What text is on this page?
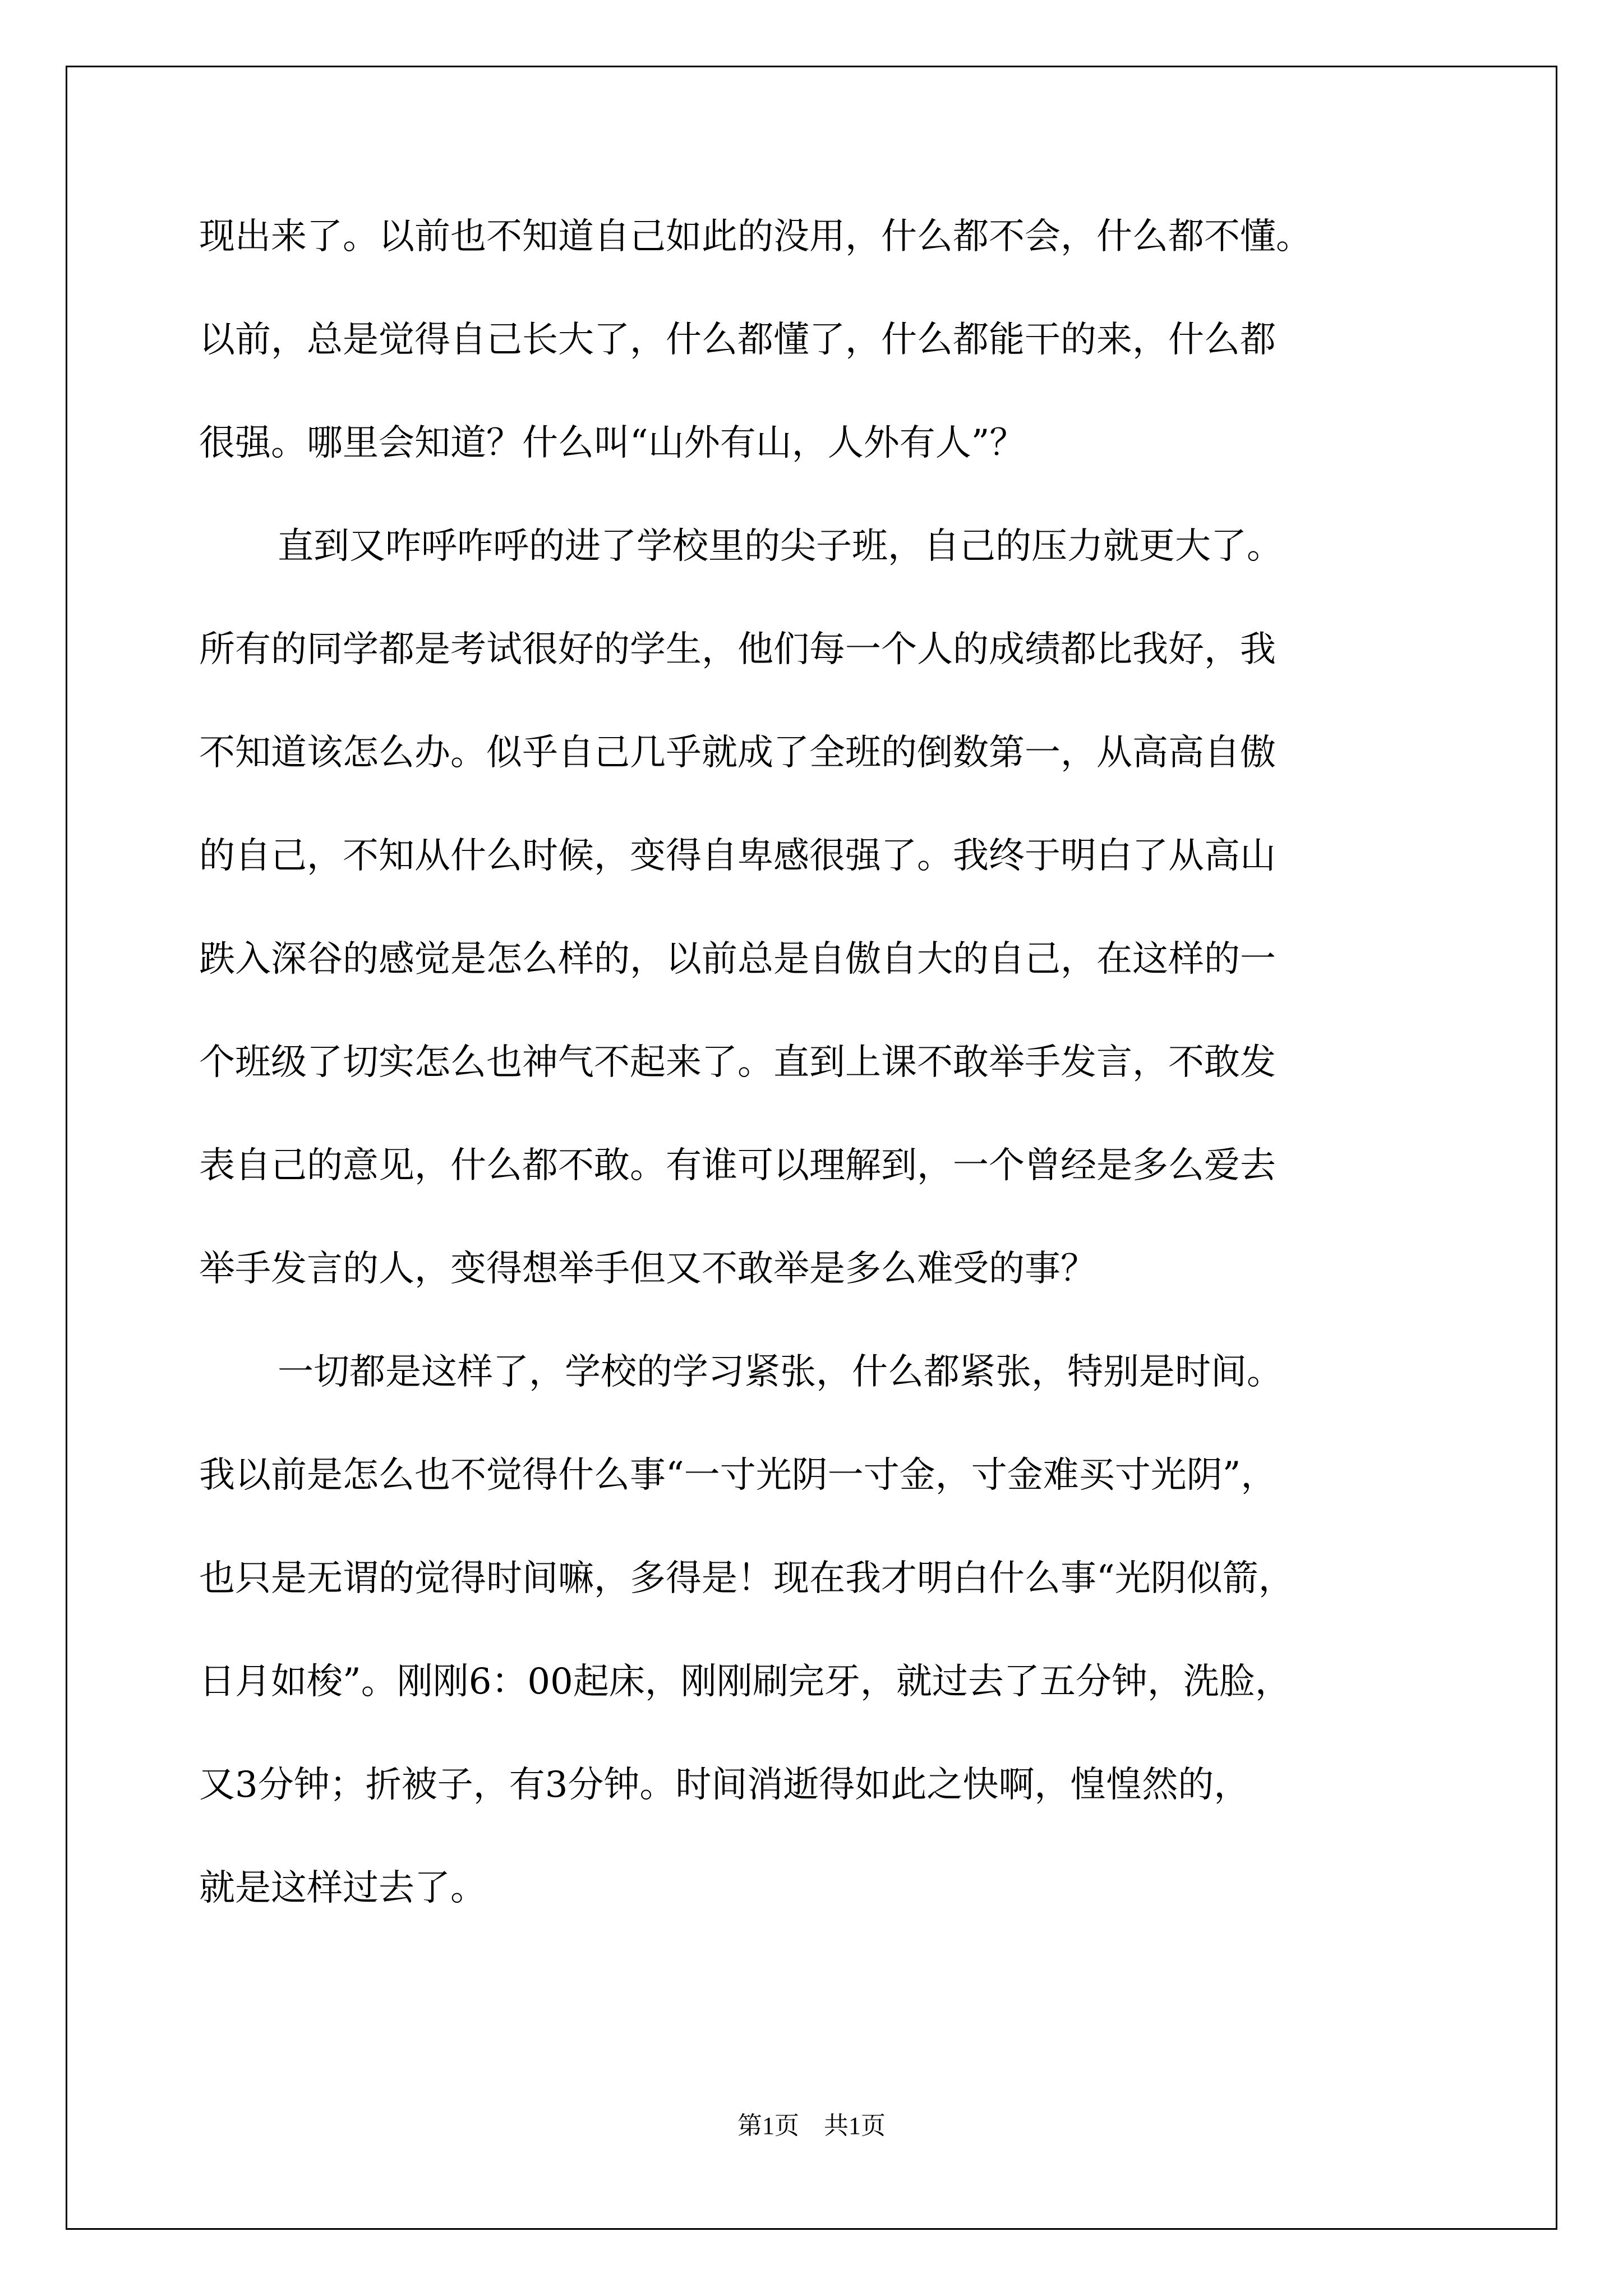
现出来了。以前也不知道自己如此的没用，什么都不会，什么都不懂。

以前，总是觉得自己长大了，什么都懂了，什么都能干的来，什么都

很强。哪里会知道？什么叫“山外有山，人外有人”？

直到又咋呼咋呼的进了学校里的尖子班，自己的压力就更大了。

所有的同学都是考试很好的学生，他们每一个人的成绩都比我好，我

不知道该怎么办。似乎自己几乎就成了全班的倒数第一，从高高自傲

的自己，不知从什么时候，变得自卑感很强了。我终于明白了从高山

跌入深谷的感觉是怎么样的，以前总是自傲自大的自己，在这样的一

个班级了切实怎么也神气不起来了。直到上课不敢举手发言，不敢发

表自己的意见，什么都不敢。有谁可以理解到，一个曾经是多么爱去

举手发言的人，变得想举手但又不敢举是多么难受的事？

一切都是这样了，学校的学习紧张，什么都紧张，特别是时间。

我以前是怎么也不觉得什么事“一寸光阴一寸金，寸金难买寸光阴”，

也只是无谓的觉得时间嘛，多得是！现在我才明白什么事“光阴似箭，

日月如梭”。刚刚6：00起床，刚刚刷完牙，就过去了五分钟，洗脸，

又3分钟；折被子，有3分钟。时间消逝得如此之快啊，惶惶然的，

就是这样过去了。

第1页　共1页
